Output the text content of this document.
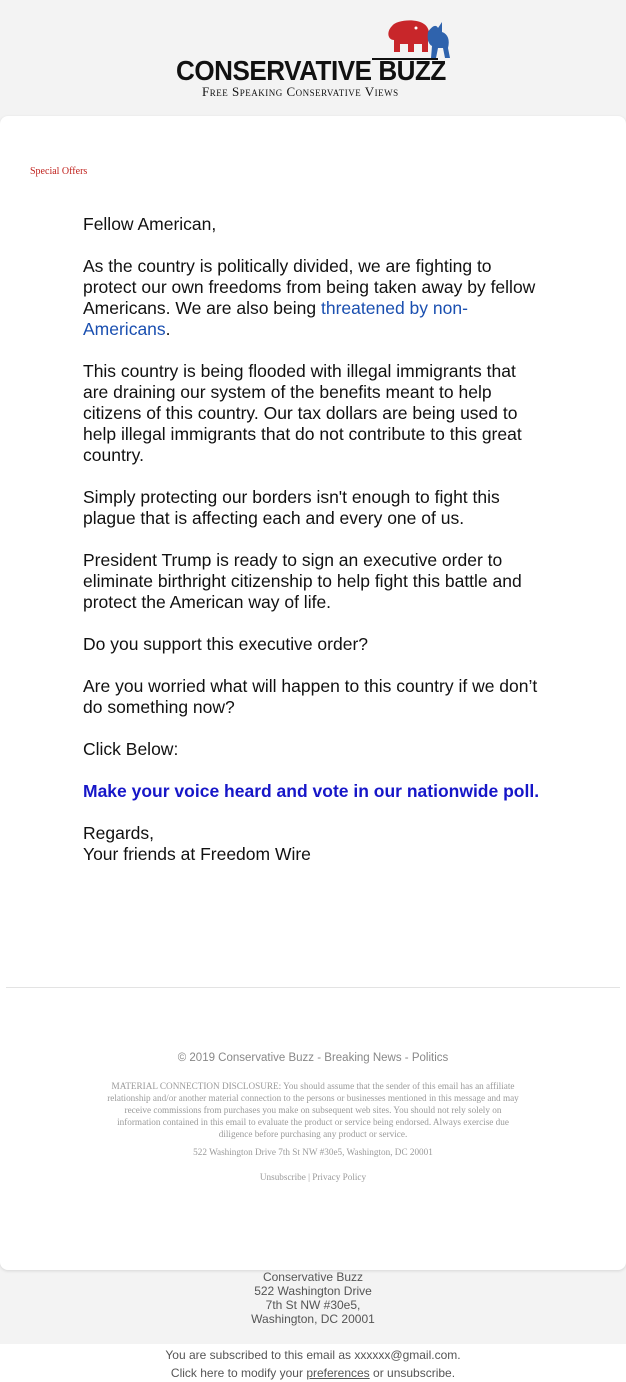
CONSERVATIVE BUZZ
Free Speaking Conservative Views
Special Offers

Fellow American,

As the country is politically divided, we are fighting to protect our own freedoms from being taken away by fellow Americans. We are also being threatened by non-Americans.

This country is being flooded with illegal immigrants that are draining our system of the benefits meant to help citizens of this country. Our tax dollars are being used to help illegal immigrants that do not contribute to this great country.

Simply protecting our borders isn't enough to fight this plague that is affecting each and every one of us.

President Trump is ready to sign an executive order to eliminate birthright citizenship to help fight this battle and protect the American way of life.

Do you support this executive order?

Are you worried what will happen to this country if we don’t do something now?

Click Below:

Make your voice heard and vote in our nationwide poll.

Regards,
Your friends at Freedom Wire
© 2019 Conservative Buzz - Breaking News - Politics
MATERIAL CONNECTION DISCLOSURE: You should assume that the sender of this email has an affiliate relationship and/or another material connection to the persons or businesses mentioned in this message and may receive commissions from purchases you make on subsequent web sites. You should not rely solely on information contained in this email to evaluate the product or service being endorsed. Always exercise due diligence before purchasing any product or service.
522 Washington Drive 7th St NW #30e5, Washington, DC 20001
Unsubscribe | Privacy Policy
Conservative Buzz
522 Washington Drive
7th St NW #30e5,
Washington, DC 20001
You are subscribed to this email as xxxxxx@gmail.com.
Click here to modify your preferences or unsubscribe.
